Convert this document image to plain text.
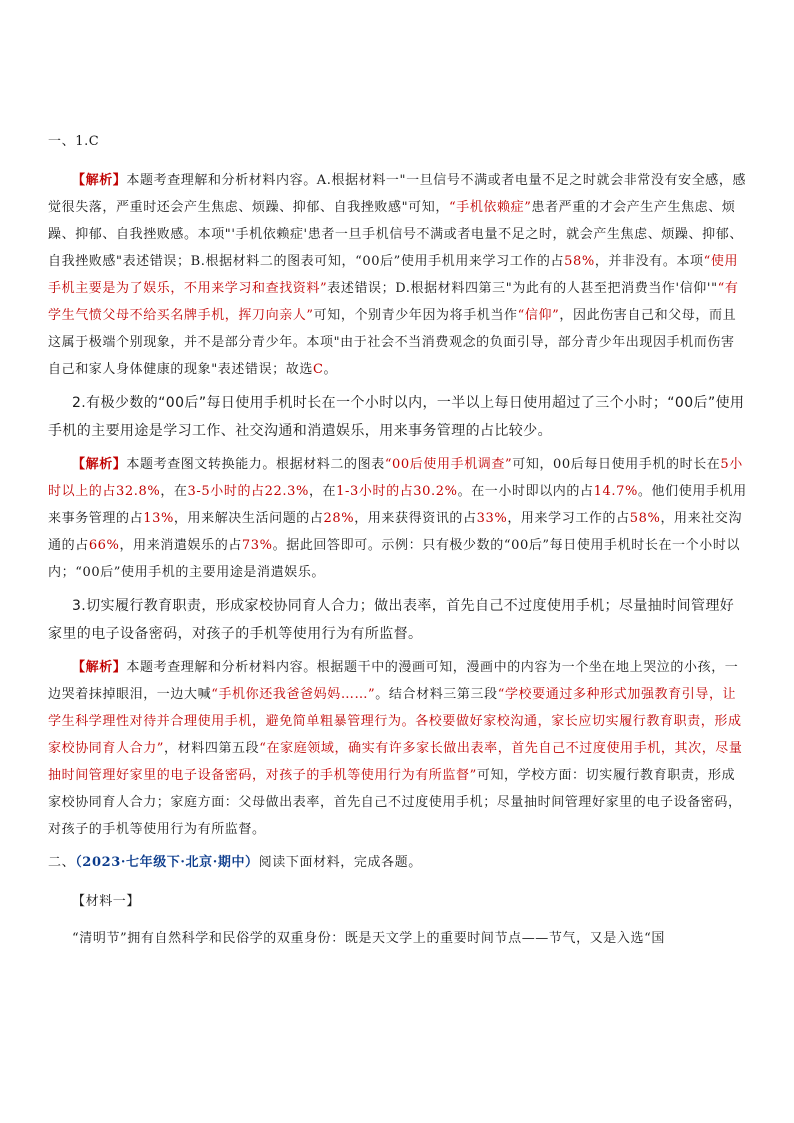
一、1.C

【解析】本题考查理解和分析材料内容。A.根据材料一"一旦信号不满或者电量不足之时就会非常没有安全感，感觉很失落，严重时还会产生焦虑、烦躁、抑郁、自我挫败感"可知，“手机依赖症”患者严重的才会产生产生焦虑、烦躁、抑郁、自我挫败感。本项"'手机依赖症'患者一旦手机信号不满或者电量不足之时，就会产生焦虑、烦躁、抑郁、自我挫败感"表述错误；B.根据材料二的图表可知，“00后”使用手机用来学习工作的占58%，并非没有。本项“使用手机主要是为了娱乐，不用来学习和查找资料”表述错误；D.根据材料四第三"为此有的人甚至把消费当作'信仰'"“有学生气愤父母不给买名牌手机，挥刀向亲人”可知，个别青少年因为将手机当作“信仰”，因此伤害自己和父母，而且这属于极端个别现象，并不是部分青少年。本项"由于社会不当消费观念的负面引导，部分青少年出现因手机而伤害自己和家人身体健康的现象"表述错误；故选C。

2.有极少数的“00后”每日使用手机时长在一个小时以内，一半以上每日使用超过了三个小时；“00后”使用手机的主要用途是学习工作、社交沟通和消遣娱乐，用来事务管理的占比较少。

【解析】本题考查图文转换能力。根据材料二的图表“00后使用手机调查”可知，00后每日使用手机的时长在5小时以上的占32.8%，在3-5小时的占22.3%，在1-3小时的占30.2%。在一小时即以内的占14.7%。他们使用手机用来事务管理的占13%，用来解决生活问题的占28%，用来获得资讯的占33%，用来学习工作的占58%，用来社交沟通的占66%，用来消遣娱乐的占73%。据此回答即可。示例：只有极少数的“00后”每日使用手机时长在一个小时以内；“00后”使用手机的主要用途是消遣娱乐。

3.切实履行教育职责，形成家校协同育人合力；做出表率，首先自己不过度使用手机；尽量抽时间管理好家里的电子设备密码，对孩子的手机等使用行为有所监督。

【解析】本题考查理解和分析材料内容。根据题干中的漫画可知，漫画中的内容为一个坐在地上哭泣的小孩，一边哭着抹掉眼泪，一边大喊“手机你还我爸爸妈妈……”。结合材料三第三段“学校要通过多种形式加强教育引导，让学生科学理性对待并合理使用手机，避免简单粗暴管理行为。各校要做好家校沟通，家长应切实履行教育职责，形成家校协同育人合力”，材料四第五段“在家庭领域，确实有许多家长做出表率，首先自己不过度使用手机，其次，尽量抽时间管理好家里的电子设备密码，对孩子的手机等使用行为有所监督”可知，学校方面：切实履行教育职责，形成家校协同育人合力；家庭方面：父母做出表率，首先自己不过度使用手机；尽量抽时间管理好家里的电子设备密码，对孩子的手机等使用行为有所监督。

二、（2023·七年级下·北京·期中）阅读下面材料，完成各题。

【材料一】

“清明节”拥有自然科学和民俗学的双重身份：既是天文学上的重要时间节点——节气，又是入选“国
